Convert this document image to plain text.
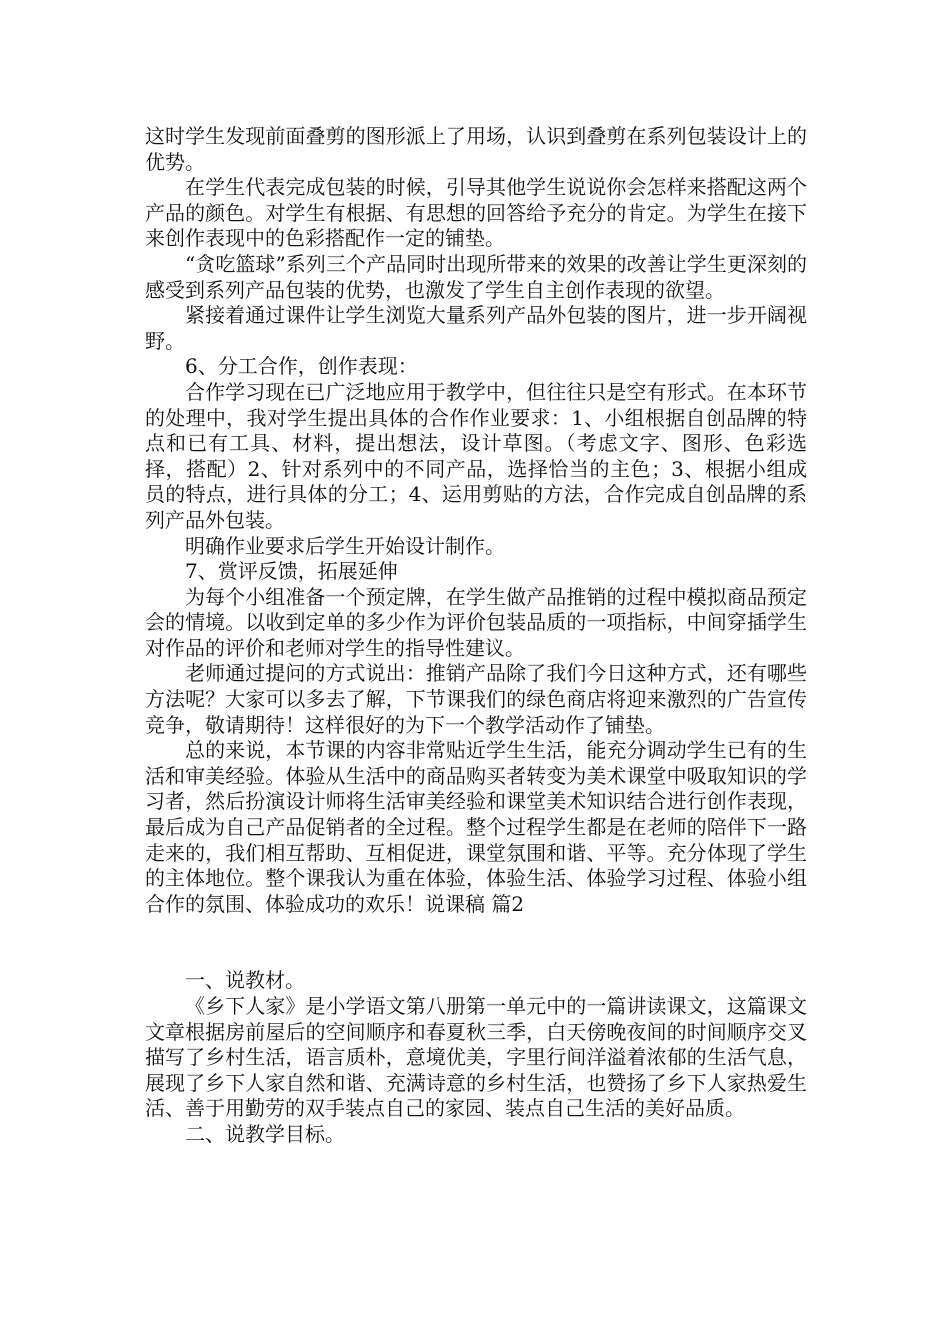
这时学生发现前面叠剪的图形派上了用场，认识到叠剪在系列包装设计上的优势。

在学生代表完成包装的时候，引导其他学生说说你会怎样来搭配这两个产品的颜色。对学生有根据、有思想的回答给予充分的肯定。为学生在接下来创作表现中的色彩搭配作一定的铺垫。

“贪吃篮球”系列三个产品同时出现所带来的效果的改善让学生更深刻的感受到系列产品包装的优势，也激发了学生自主创作表现的欲望。

紧接着通过课件让学生浏览大量系列产品外包装的图片，进一步开阔视野。

6、分工合作，创作表现：

合作学习现在已广泛地应用于教学中，但往往只是空有形式。在本环节的处理中，我对学生提出具体的合作作业要求：1、小组根据自创品牌的特点和已有工具、材料，提出想法，设计草图。（考虑文字、图形、色彩选择，搭配）2、针对系列中的不同产品，选择恰当的主色；3、根据小组成员的特点，进行具体的分工；4、运用剪贴的方法，合作完成自创品牌的系列产品外包装。

明确作业要求后学生开始设计制作。

7、赏评反馈，拓展延伸

为每个小组准备一个预定牌，在学生做产品推销的过程中模拟商品预定会的情境。以收到定单的多少作为评价包装品质的一项指标，中间穿插学生对作品的评价和老师对学生的指导性建议。

老师通过提问的方式说出：推销产品除了我们今日这种方式，还有哪些方法呢？大家可以多去了解，下节课我们的绿色商店将迎来激烈的广告宣传竞争，敬请期待！这样很好的为下一个教学活动作了铺垫。

总的来说，本节课的内容非常贴近学生生活，能充分调动学生已有的生活和审美经验。体验从生活中的商品购买者转变为美术课堂中吸取知识的学习者，然后扮演设计师将生活审美经验和课堂美术知识结合进行创作表现，最后成为自己产品促销者的全过程。整个过程学生都是在老师的陪伴下一路走来的，我们相互帮助、互相促进，课堂氛围和谐、平等。充分体现了学生的主体地位。整个课我认为重在体验，体验生活、体验学习过程、体验小组合作的氛围、体验成功的欢乐！说课稿 篇2

一、说教材。

《乡下人家》是小学语文第八册第一单元中的一篇讲读课文，这篇课文文章根据房前屋后的空间顺序和春夏秋三季，白天傍晚夜间的时间顺序交叉描写了乡村生活，语言质朴，意境优美，字里行间洋溢着浓郁的生活气息，展现了乡下人家自然和谐、充满诗意的乡村生活，也赞扬了乡下人家热爱生活、善于用勤劳的双手装点自己的家园、装点自己生活的美好品质。

二、说教学目标。
